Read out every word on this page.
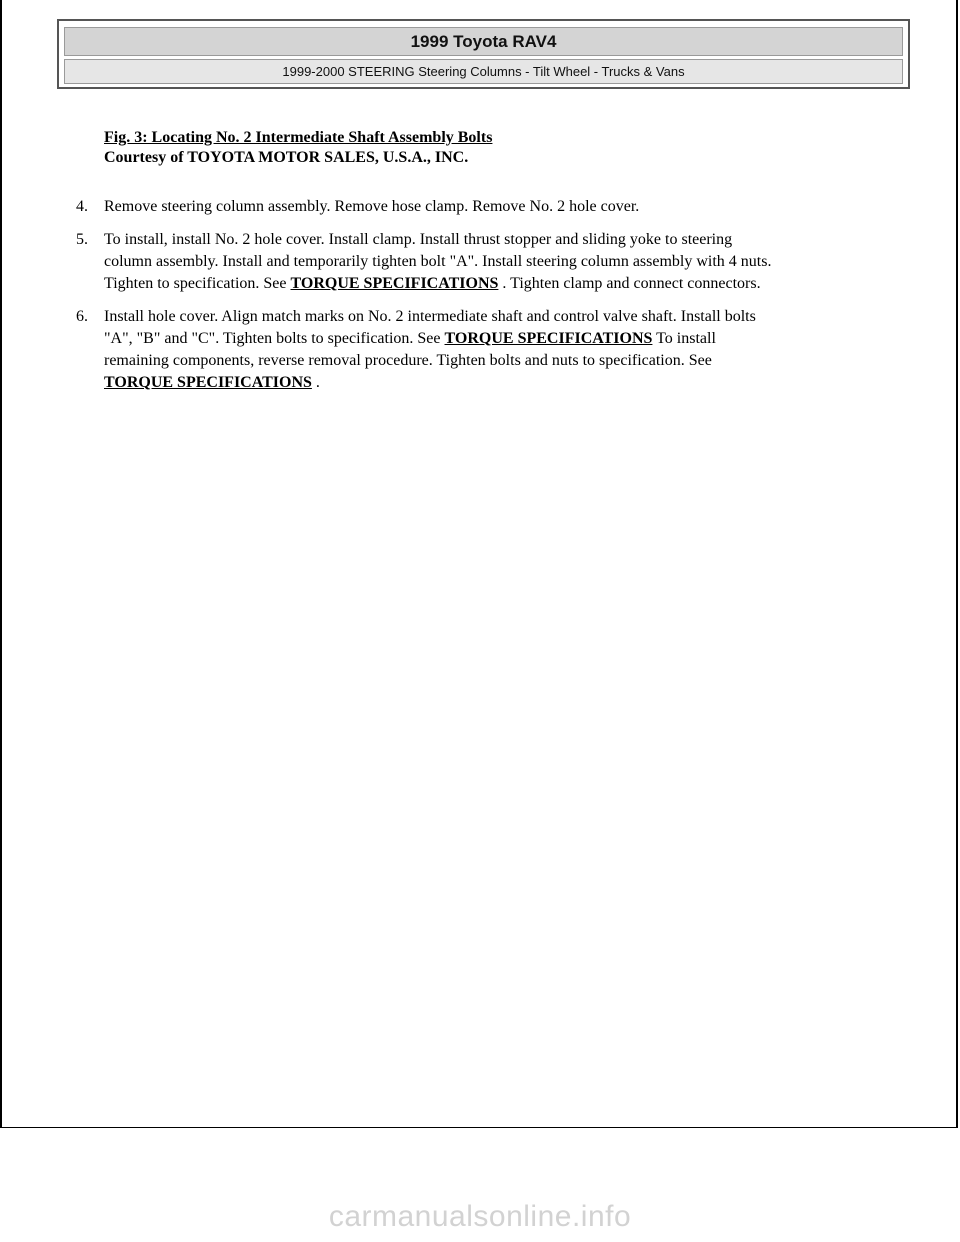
1999 Toyota RAV4
1999-2000 STEERING Steering Columns - Tilt Wheel - Trucks & Vans
Fig. 3: Locating No. 2 Intermediate Shaft Assembly Bolts
Courtesy of TOYOTA MOTOR SALES, U.S.A., INC.
4. Remove steering column assembly. Remove hose clamp. Remove No. 2 hole cover.
5. To install, install No. 2 hole cover. Install clamp. Install thrust stopper and sliding yoke to steering
column assembly. Install and temporarily tighten bolt "A". Install steering column assembly with 4 nuts.
Tighten to specification. See TORQUE SPECIFICATIONS . Tighten clamp and connect connectors.
6. Install hole cover. Align match marks on No. 2 intermediate shaft and control valve shaft. Install bolts
"A", "B" and "C". Tighten bolts to specification. See TORQUE SPECIFICATIONS To install
remaining components, reverse removal procedure. Tighten bolts and nuts to specification. See
TORQUE SPECIFICATIONS .
carmanualsonline.info
